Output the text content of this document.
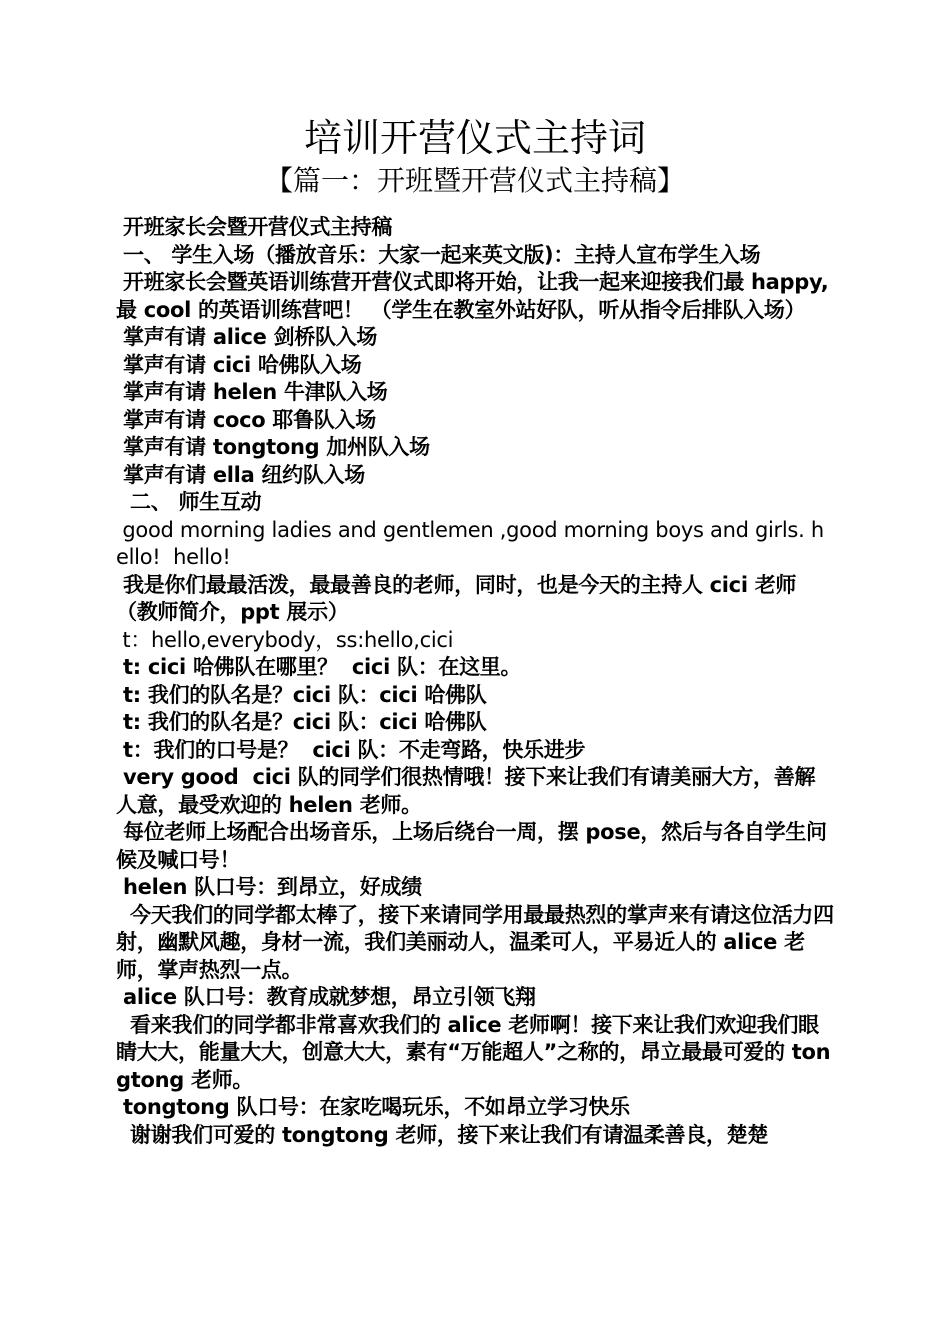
培训开营仪式主持词
【篇一：开班暨开营仪式主持稿】
开班家长会暨开营仪式主持稿
一、 学生入场（播放音乐：大家一起来英文版)：主持人宣布学生入场
开班家长会暨英语训练营开营仪式即将开始，让我一起来迎接我们最 happy,最 cool 的英语训练营吧！ （学生在教室外站好队，听从指令后排队入场）
掌声有请 alice 剑桥队入场
掌声有请 cici 哈佛队入场
掌声有请 helen 牛津队入场
掌声有请 coco 耶鲁队入场
掌声有请 tongtong 加州队入场
掌声有请 ella 纽约队入场
二、 师生互动
good morning ladies and gentlemen ,good morning boys and girls. hello!  hello!
我是你们最最活泼，最最善良的老师，同时，也是今天的主持人 cici 老师（教师简介，ppt 展示）
t：hello,everybody，ss:hello,cici
t: cici 哈佛队在哪里？  cici 队：在这里。
t: 我们的队名是？cici 队：cici 哈佛队
t: 我们的队名是？cici 队：cici 哈佛队
t：我们的口号是？  cici 队：不走弯路，快乐进步
very good  cici 队的同学们很热情哦！接下来让我们有请美丽大方，善解人意，最受欢迎的 helen 老师。
每位老师上场配合出场音乐，上场后绕台一周，摆 pose，然后与各自学生问候及喊口号！
helen 队口号：到昂立，好成绩
今天我们的同学都太棒了，接下来请同学用最最热烈的掌声来有请这位活力四射，幽默风趣，身材一流，我们美丽动人，温柔可人，平易近人的 alice 老师，掌声热烈一点。
alice 队口号：教育成就梦想，昂立引领飞翔
看来我们的同学都非常喜欢我们的 alice 老师啊！接下来让我们欢迎我们眼睛大大，能量大大，创意大大，素有“万能超人”之称的，昂立最最可爱的 tongtong 老师。
tongtong 队口号：在家吃喝玩乐，不如昂立学习快乐
谢谢我们可爱的 tongtong 老师，接下来让我们有请温柔善良，楚楚
